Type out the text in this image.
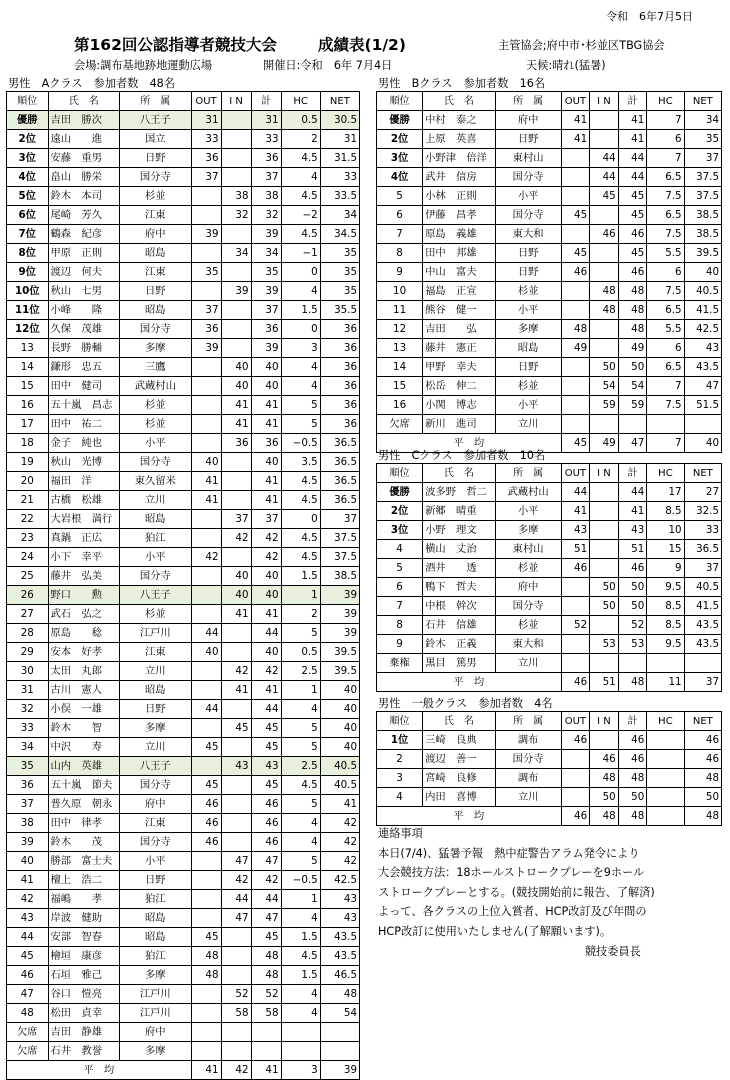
令和　6年7月5日
第162回公認指導者競技大会	成績表(1/2)	主管協会;府中市･杉並区TBG協会
会場:調布基地跡地運動広場	開催日:令和　6年 7月4日	天候:晴れ(猛暑)
男性　Aクラス　参加者数　48名	男性　Bクラス　参加者数　16名
男性　Cクラス　参加者数　10名
男性　一般クラス　参加者数　4名
順位	氏　名	所　属	OUT	I N	計	HC	NET
優勝	吉田　勝次	八王子	31		31	0.5	30.5
2位	遠山　　進	国立	33		33	2	31
3位	安藤　重男	日野	36		36	4.5	31.5
4位	畠山　勝栄	国分寺	37		37	4	33
5位	鈴木　本司	杉並		38	38	4.5	33.5
6位	尾崎　芳久	江東		32	32	−2	34
7位	鶴森　紀彦	府中	39		39	4.5	34.5
8位	甲原　正則	昭島		34	34	−1	35
9位	渡辺　何夫	江東	35		35	0	35
10位	秋山　七男	日野		39	39	4	35
11位	小峰　　隆	昭島	37		37	1.5	35.5
12位	久保　茂雄	国分寺	36		36	0	36
13	長野　勝輔	多摩	39		39	3	36
14	鎌形　忠五	三鷹		40	40	4	36
15	田中　健司	武蔵村山		40	40	4	36
16	五十嵐　昌志	杉並		41	41	5	36
17	田中　祐二	杉並		41	41	5	36
18	金子　純也	小平		36	36	−0.5	36.5
19	秋山　光博	国分寺	40		40	3.5	36.5
20	福田　洋	東久留米	41		41	4.5	36.5
21	古橋　松雄	立川	41		41	4.5	36.5
22	大岩根　満行	昭島		37	37	0	37
23	真鍋　正広	狛江		42	42	4.5	37.5
24	小下　幸平	小平	42		42	4.5	37.5
25	藤井　弘美	国分寺		40	40	1.5	38.5
26	野口　　勲	八王子		40	40	1	39
27	武石　弘之	杉並		41	41	2	39
28	原島　　稔	江戸川	44		44	5	39
29	安本　好孝	江東	40		40	0.5	39.5
30	太田　丸郎	立川		42	42	2.5	39.5
31	古川　憲人	昭島		41	41	1	40
32	小俣　一雄	日野	44		44	4	40
33	鈴木　　智	多摩		45	45	5	40
34	中沢　　寿	立川	45		45	5	40
35	山内　英雄	八王子		43	43	2.5	40.5
36	五十嵐　節夫	国分寺	45		45	4.5	40.5
37	普久原　朝永	府中	46		46	5	41
38	田中　律孝	江東	46		46	4	42
39	鈴木　　茂	国分寺	46		46	4	42
40	勝部　富士夫	小平		47	47	5	42
41	檀上　浩二	日野		42	42	−0.5	42.5
42	福嶋　　孝	狛江		44	44	1	43
43	岸波　健助	昭島		47	47	4	43
44	安部　智春	昭島	45		45	1.5	43.5
45	檜垣　康彦	狛江	48		48	4.5	43.5
46	石垣　雅己	多摩	48		48	1.5	46.5
47	谷口　愷亮	江戸川		52	52	4	48
48	松田　貞幸	江戸川		58	58	4	54
欠席	吉田　静雄	府中					
欠席	石井　教誉	多摩					
平　均			41	42	41	3	39
順位	氏　名	所　属	OUT	I N	計	HC	NET
優勝	中村　泰之	府中	41		41	7	34
2位	上原　英喜	日野	41		41	6	35
3位	小野津　倍洋	東村山		44	44	7	37
4位	武井　信房	国分寺		44	44	6.5	37.5
5	小林　正則	小平		45	45	7.5	37.5
6	伊藤　昌孝	国分寺	45		45	6.5	38.5
7	原島　義雄	東大和		46	46	7.5	38.5
8	田中　邦雄	日野	45		45	5.5	39.5
9	中山　富夫	日野	46		46	6	40
10	福島　正宣	杉並		48	48	7.5	40.5
11	熊谷　健一	小平		48	48	6.5	41.5
12	吉田　　弘	多摩	48		48	5.5	42.5
13	藤井　憲正	昭島	49		49	6	43
14	甲野　幸夫	日野		50	50	6.5	43.5
15	松岳　伸二	杉並		54	54	7	47
16	小関　博志	小平		59	59	7.5	51.5
欠席	新川　進司	立川					
平　均			45	49	47	7	40
順位	氏　名	所　属	OUT	I N	計	HC	NET
優勝	波多野　哲二	武蔵村山	44		44	17	27
2位	新郷　晴重	小平	41		41	8.5	32.5
3位	小野　理文	多摩	43		43	10	33
4	横山　丈治	東村山	51		51	15	36.5
5	酒井　　透	杉並	46		46	9	37
6	鴨下　哲夫	府中		50	50	9.5	40.5
7	中根　幹次	国分寺		50	50	8.5	41.5
8	石井　信雄	杉並	52		52	8.5	43.5
9	鈴木　正義	東大和		53	53	9.5	43.5
棄権	黒目　篤男	立川					
平　均			46	51	48	11	37
順位	氏　名	所　属	OUT	I N	計	HC	NET
1位	三崎　良典	調布	46		46		46
2	渡辺　善一	国分寺		46	46		46
3	宮崎　良修	調布		48	48		48
4	内田　喜博	立川		50	50		50
平　均			46	48	48		48
連絡事項
本日(7/4)、猛暑予報　熱中症警告アラム発令により
大会競技方法：18ホールストロークプレーを9ホール
ストロークプレーとする。(競技開始前に報告、了解済)
よって、各クラスの上位入賞者、HCP改訂及び年間の
HCP改訂に使用いたしません(了解願います)。
競技委員長
